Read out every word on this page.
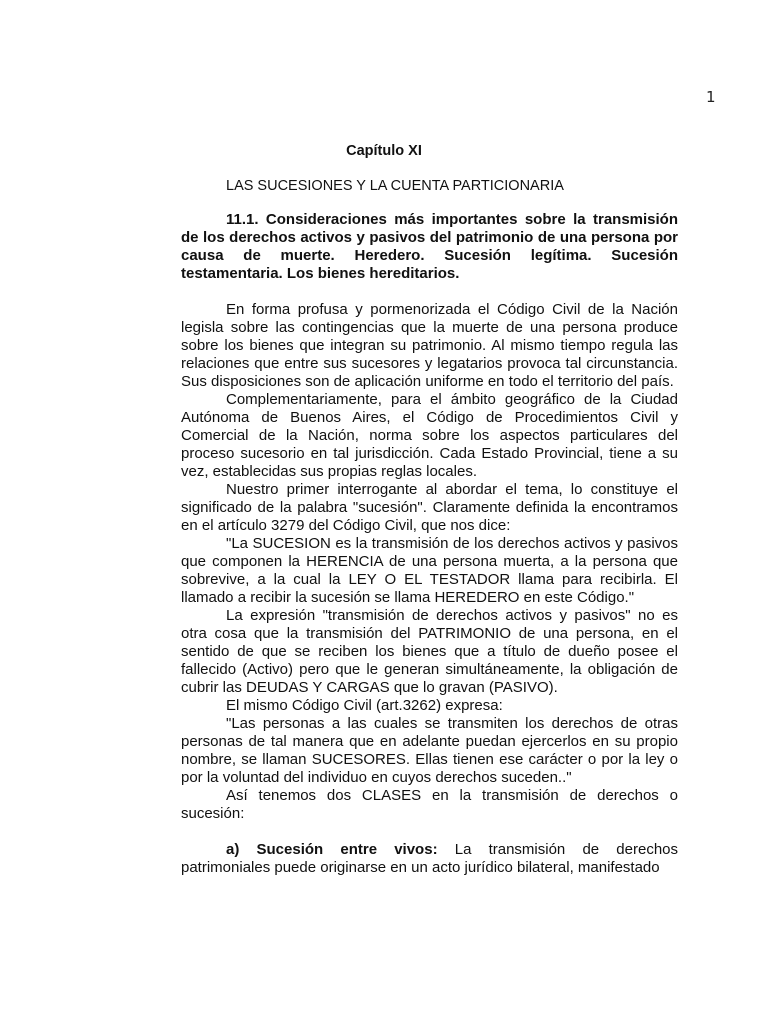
1
Capítulo XI
LAS SUCESIONES Y LA CUENTA PARTICIONARIA

11.1. Consideraciones más importantes sobre la transmisión de los derechos activos y pasivos del patrimonio de una persona por causa de muerte. Heredero. Sucesión legítima. Sucesión testamentaria. Los bienes hereditarios.

En forma profusa y pormenorizada el Código Civil de la Nación legisla sobre las contingencias que la muerte de una persona produce sobre los bienes que integran su patrimonio. Al mismo tiempo regula las relaciones que entre sus sucesores y legatarios provoca tal circunstancia. Sus disposiciones son de aplicación uniforme en todo el territorio del país.

Complementariamente, para el ámbito geográfico de la Ciudad Autónoma de Buenos Aires, el Código de Procedimientos Civil y Comercial de la Nación, norma sobre los aspectos particulares del proceso sucesorio en tal jurisdicción. Cada Estado Provincial, tiene a su vez, establecidas sus propias reglas locales.

Nuestro primer interrogante al abordar el tema, lo constituye el significado de la palabra "sucesión". Claramente definida la encontramos en el artículo 3279 del Código Civil, que nos dice:

"La SUCESION es la transmisión de los derechos activos y pasivos que componen la HERENCIA de una persona muerta, a la persona que sobrevive, a la cual la LEY O EL TESTADOR llama para recibirla. El llamado a recibir la sucesión se llama HEREDERO en este Código."

La expresión "transmisión de derechos activos y pasivos" no es otra cosa que la transmisión del PATRIMONIO de una persona, en el sentido de que se reciben los bienes que a título de dueño posee el fallecido (Activo) pero que le generan simultáneamente, la obligación de cubrir las DEUDAS Y CARGAS que lo gravan (PASIVO).

El mismo Código Civil (art.3262) expresa:

"Las personas a las cuales se transmiten los derechos de otras personas de tal manera que en adelante puedan ejercerlos en su propio nombre, se llaman SUCESORES. Ellas tienen ese carácter o por la ley o por la voluntad del individuo en cuyos derechos suceden.."

Así tenemos dos CLASES en la transmisión de derechos o sucesión:

a) Sucesión entre vivos: La transmisión de derechos patrimoniales puede originarse en un acto jurídico bilateral, manifestado
